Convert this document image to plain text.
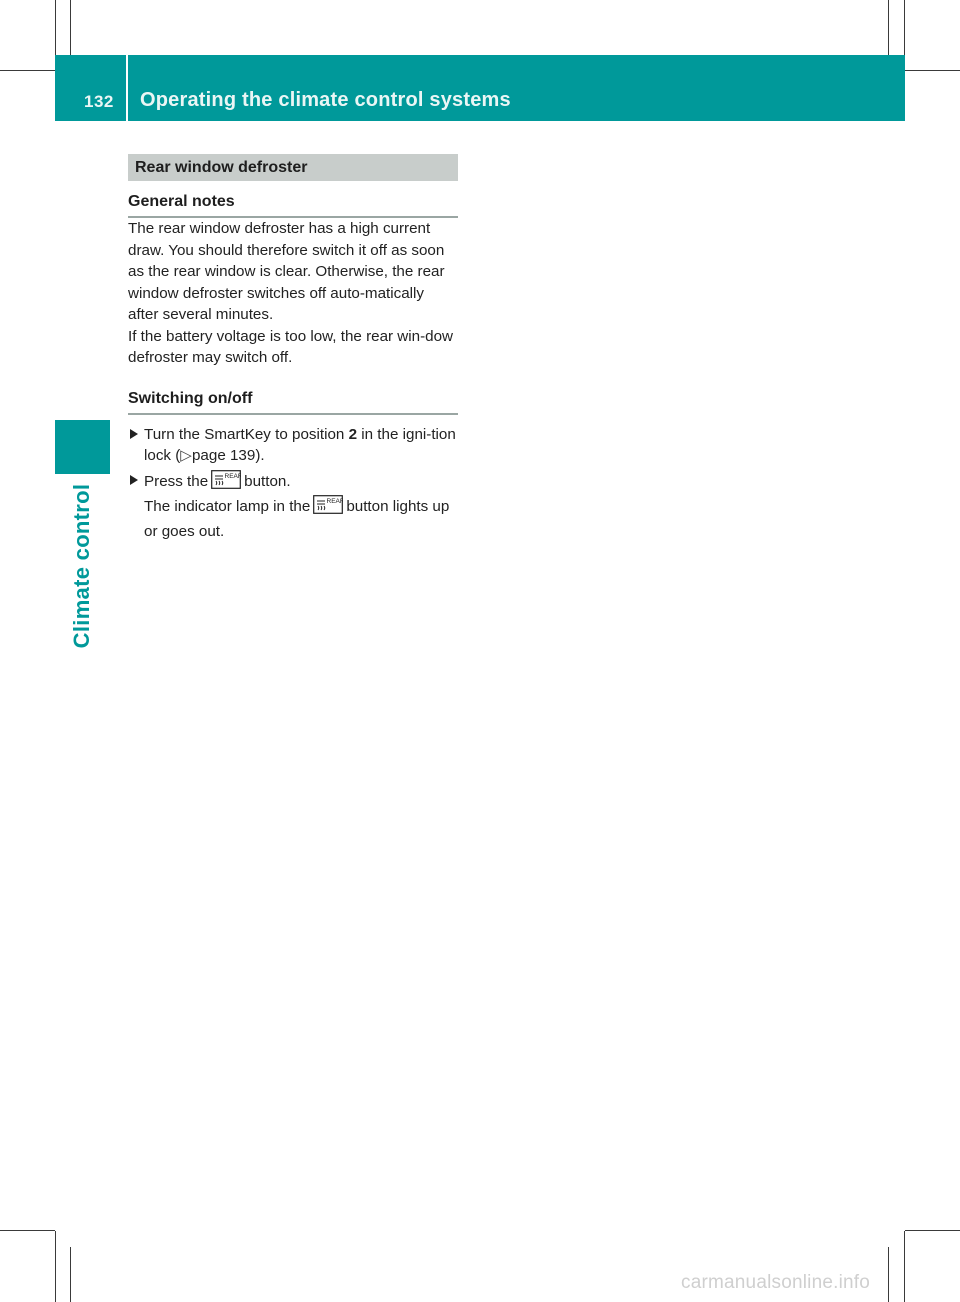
132 Operating the climate control systems
Climate control
Rear window defroster
General notes

The rear window defroster has a high current draw. You should therefore switch it off as soon as the rear window is clear. Otherwise, the rear window defroster switches off auto-matically after several minutes.

If the battery voltage is too low, the rear win-dow defroster may switch off.

Switching on/off
Turn the SmartKey to position 2 in the igni-tion lock (▷page 139).
Press the	REAR button.
The indicator lamp in the	REAR button lights up or goes out.
carmanualsonline.info
